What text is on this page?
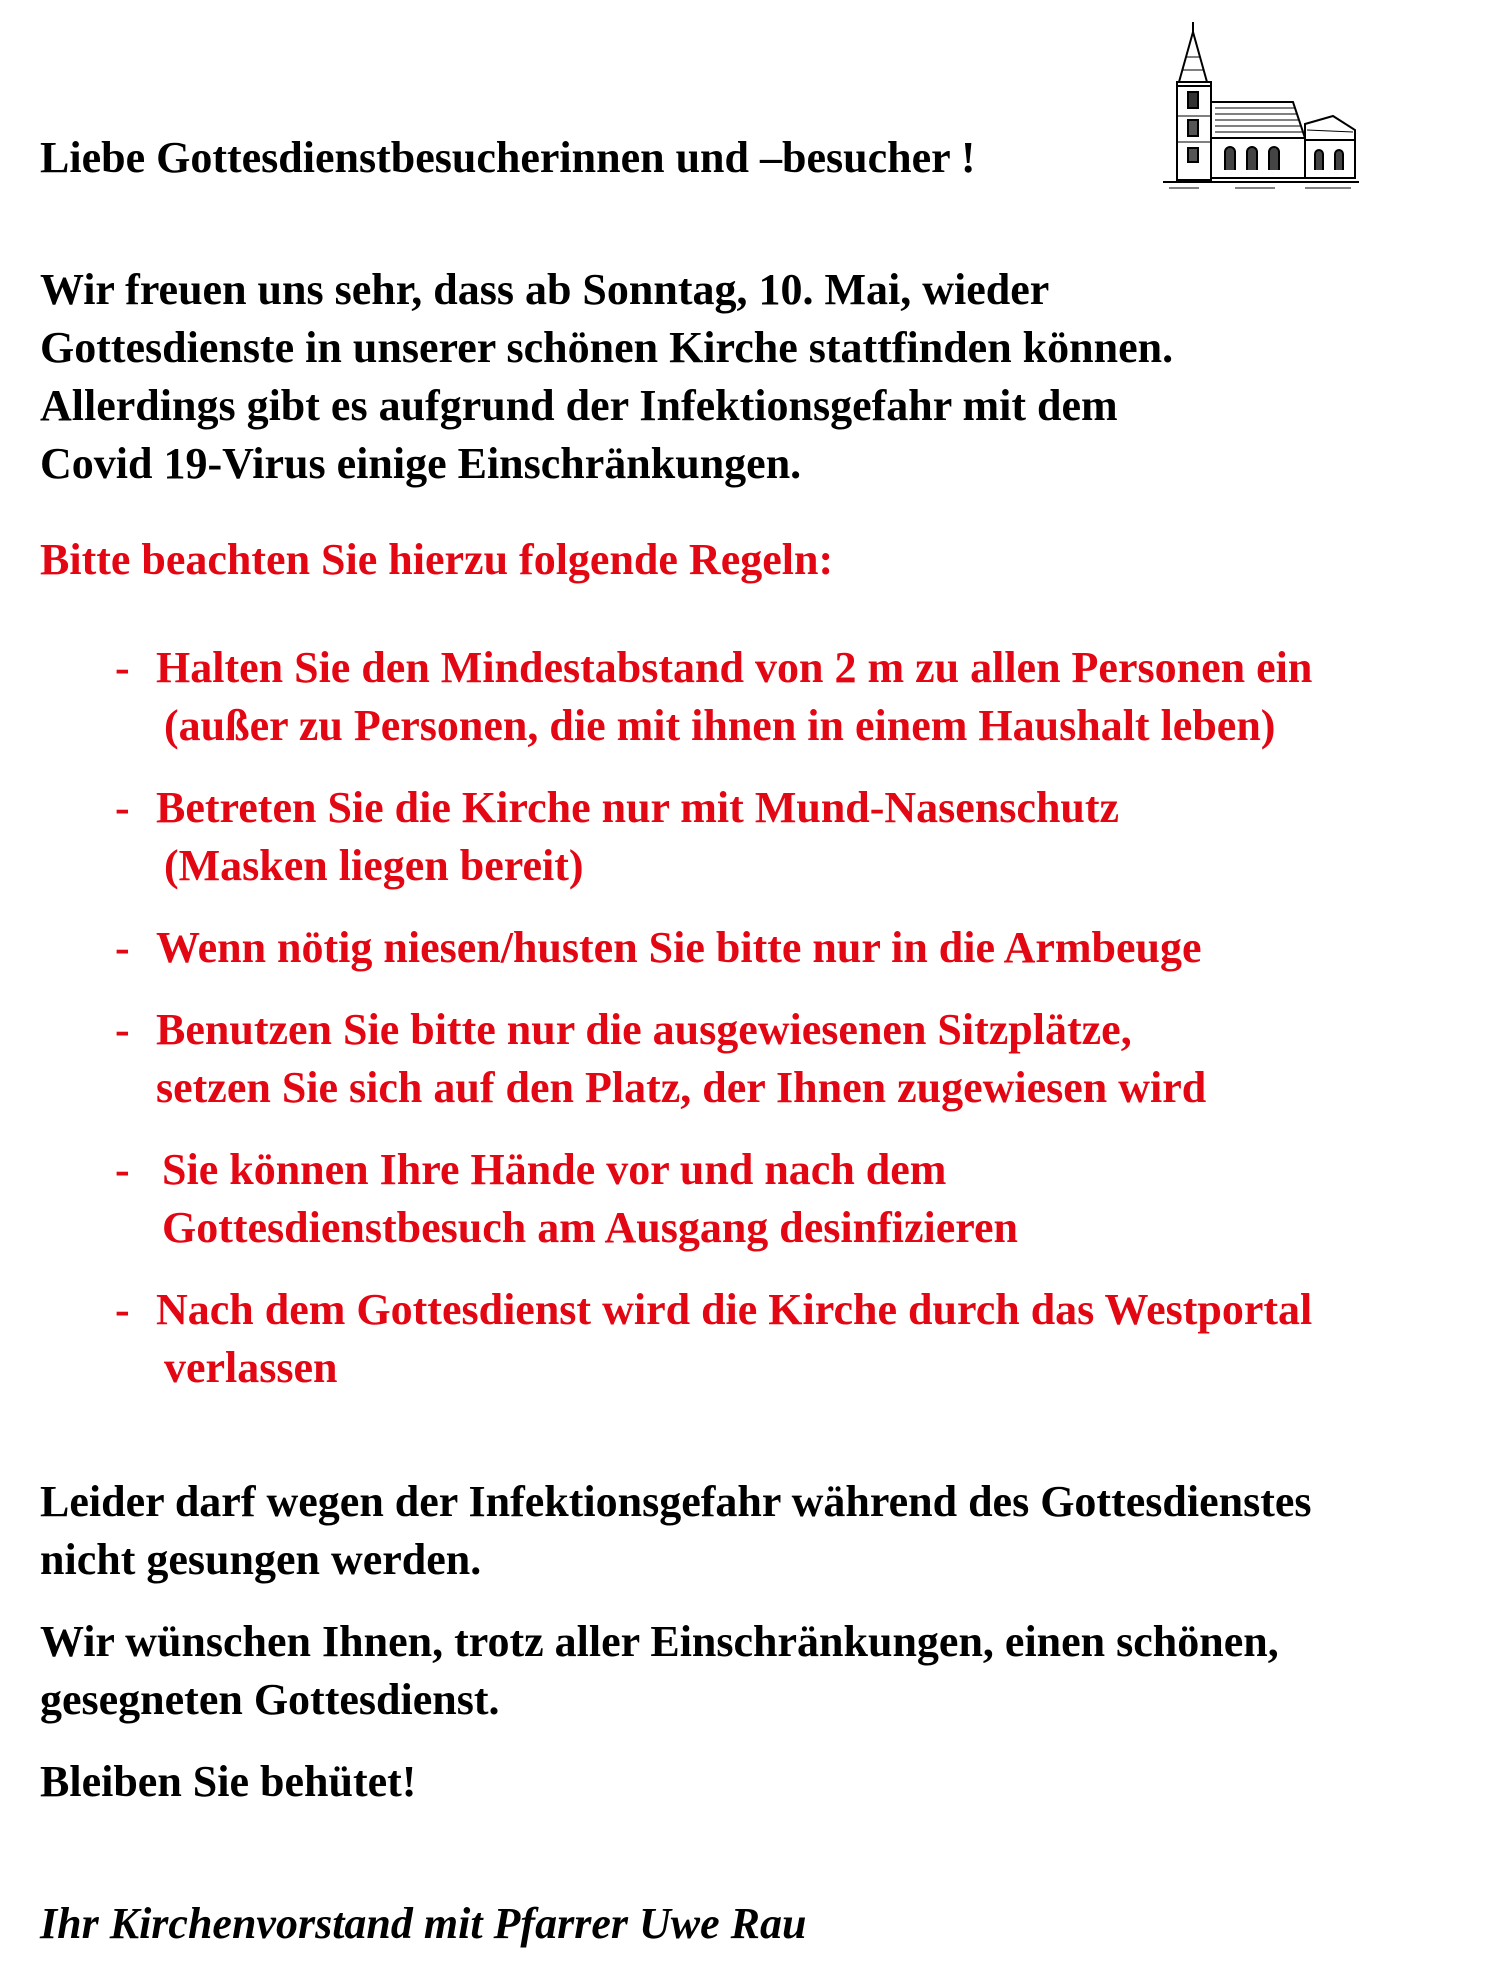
Liebe Gottesdienstbesucherinnen und –besucher !

Wir freuen uns sehr, dass ab Sonntag, 10. Mai, wieder

Gottesdienste in unserer schönen Kirche stattfinden können.

Allerdings gibt es aufgrund der Infektionsgefahr mit dem

Covid 19-Virus einige Einschränkungen.

Bitte beachten Sie hierzu folgende Regeln:

- Halten Sie den Mindestabstand von 2 m zu allen Personen ein
(außer zu Personen, die mit ihnen in einem Haushalt leben)
- Betreten Sie die Kirche nur mit Mund-Nasenschutz
(Masken liegen bereit)
- Wenn nötig niesen/husten Sie bitte nur in die Armbeuge
- Benutzen Sie bitte nur die ausgewiesenen Sitzplätze,
setzen Sie sich auf den Platz, der Ihnen zugewiesen wird
- Sie können Ihre Hände vor und nach dem
Gottesdienstbesuch am Ausgang desinfizieren
- Nach dem Gottesdienst wird die Kirche durch das Westportal
verlassen

Leider darf wegen der Infektionsgefahr während des Gottesdienstes

nicht gesungen werden.

Wir wünschen Ihnen, trotz aller Einschränkungen, einen schönen,

gesegneten Gottesdienst.

Bleiben Sie behütet!

Ihr Kirchenvorstand mit Pfarrer Uwe Rau
